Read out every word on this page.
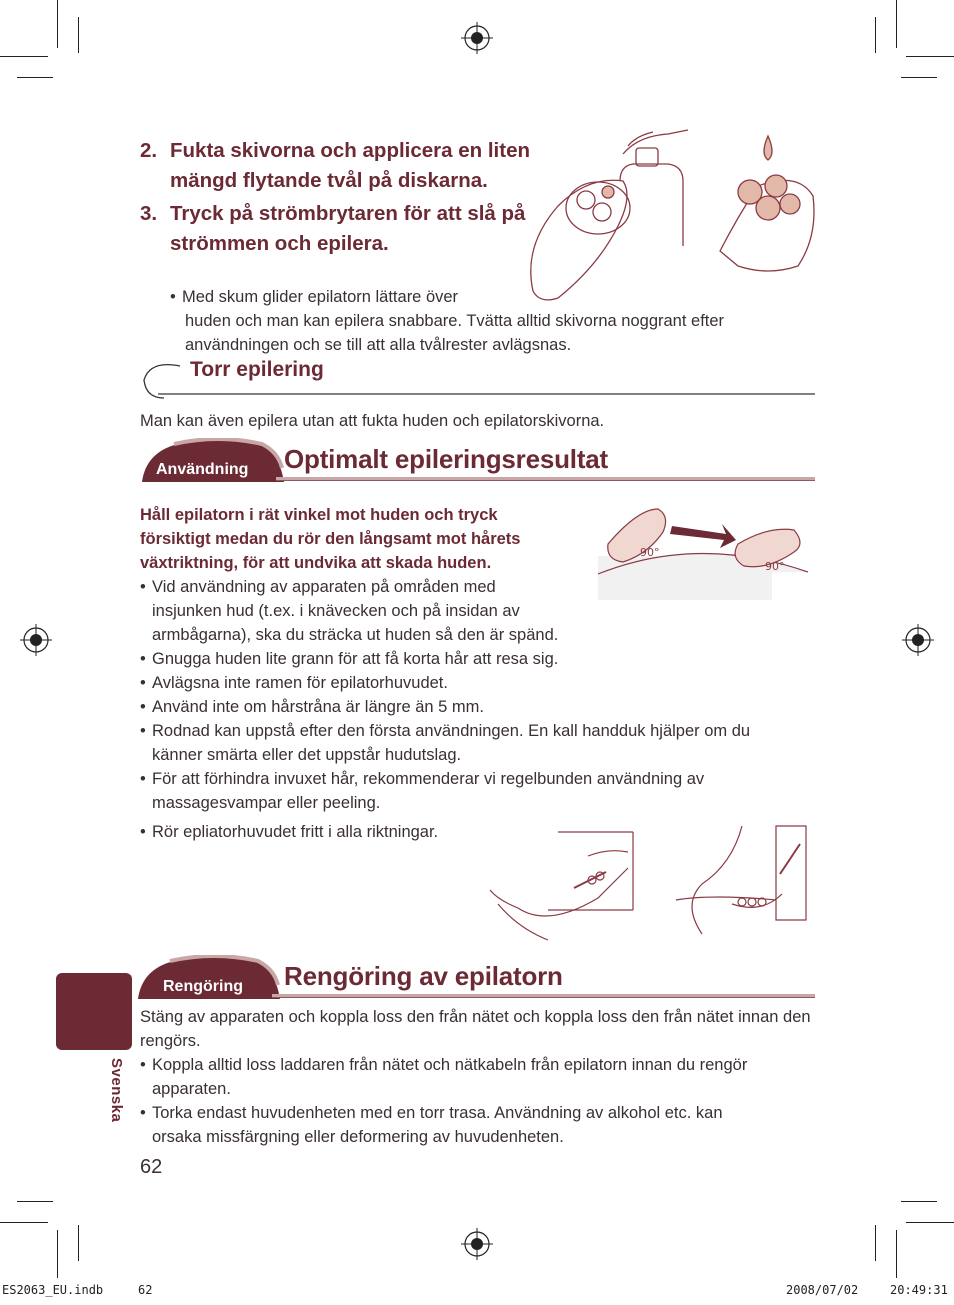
2. Fukta skivorna och applicera en liten mängd flytande tvål på diskarna.
3. Tryck på strömbrytaren för att slå på strömmen och epilera.
• Med skum glider epilatorn lättare över
huden och man kan epilera snabbare. Tvätta alltid skivorna noggrant efter
användningen och se till att alla tvålrester avlägsnas.
Torr epilering
Man kan även epilera utan att fukta huden och epilatorskivorna.
Användning Optimalt epileringsresultat
Håll epilatorn i rät vinkel mot huden och tryck
försiktigt medan du rör den långsamt mot hårets
växtriktning, för att undvika att skada huden.
• Vid användning av apparaten på områden med
insjunken hud (t.ex. i knävecken och på insidan av
armbågarna), ska du sträcka ut huden så den är spänd.
• Gnugga huden lite grann för att få korta hår att resa sig.
• Avlägsna inte ramen för epilatorhuvudet.
• Använd inte om hårstråna är längre än 5 mm.
• Rodnad kan uppstå efter den första användningen. En kall handduk hjälper om du
känner smärta eller det uppstår hudutslag.
• För att förhindra invuxet hår, rekommenderar vi regelbunden användning av
massagesvampar eller peeling.
• Rör epliatorhuvudet fritt i alla riktningar.
90°
90°
Rengöring Rengöring av epilatorn
Stäng av apparaten och koppla loss den från nätet och koppla loss den från nätet innan den rengörs.
• Koppla alltid loss laddaren från nätet och nätkabeln från epilatorn innan du rengör
apparaten.
• Torka endast huvudenheten med en torr trasa. Användning av alkohol etc. kan
orsaka missfärgning eller deformering av huvudenheten.
Svenska
62
ES2063_EU.indb	62	2008/07/02	20:49:31
